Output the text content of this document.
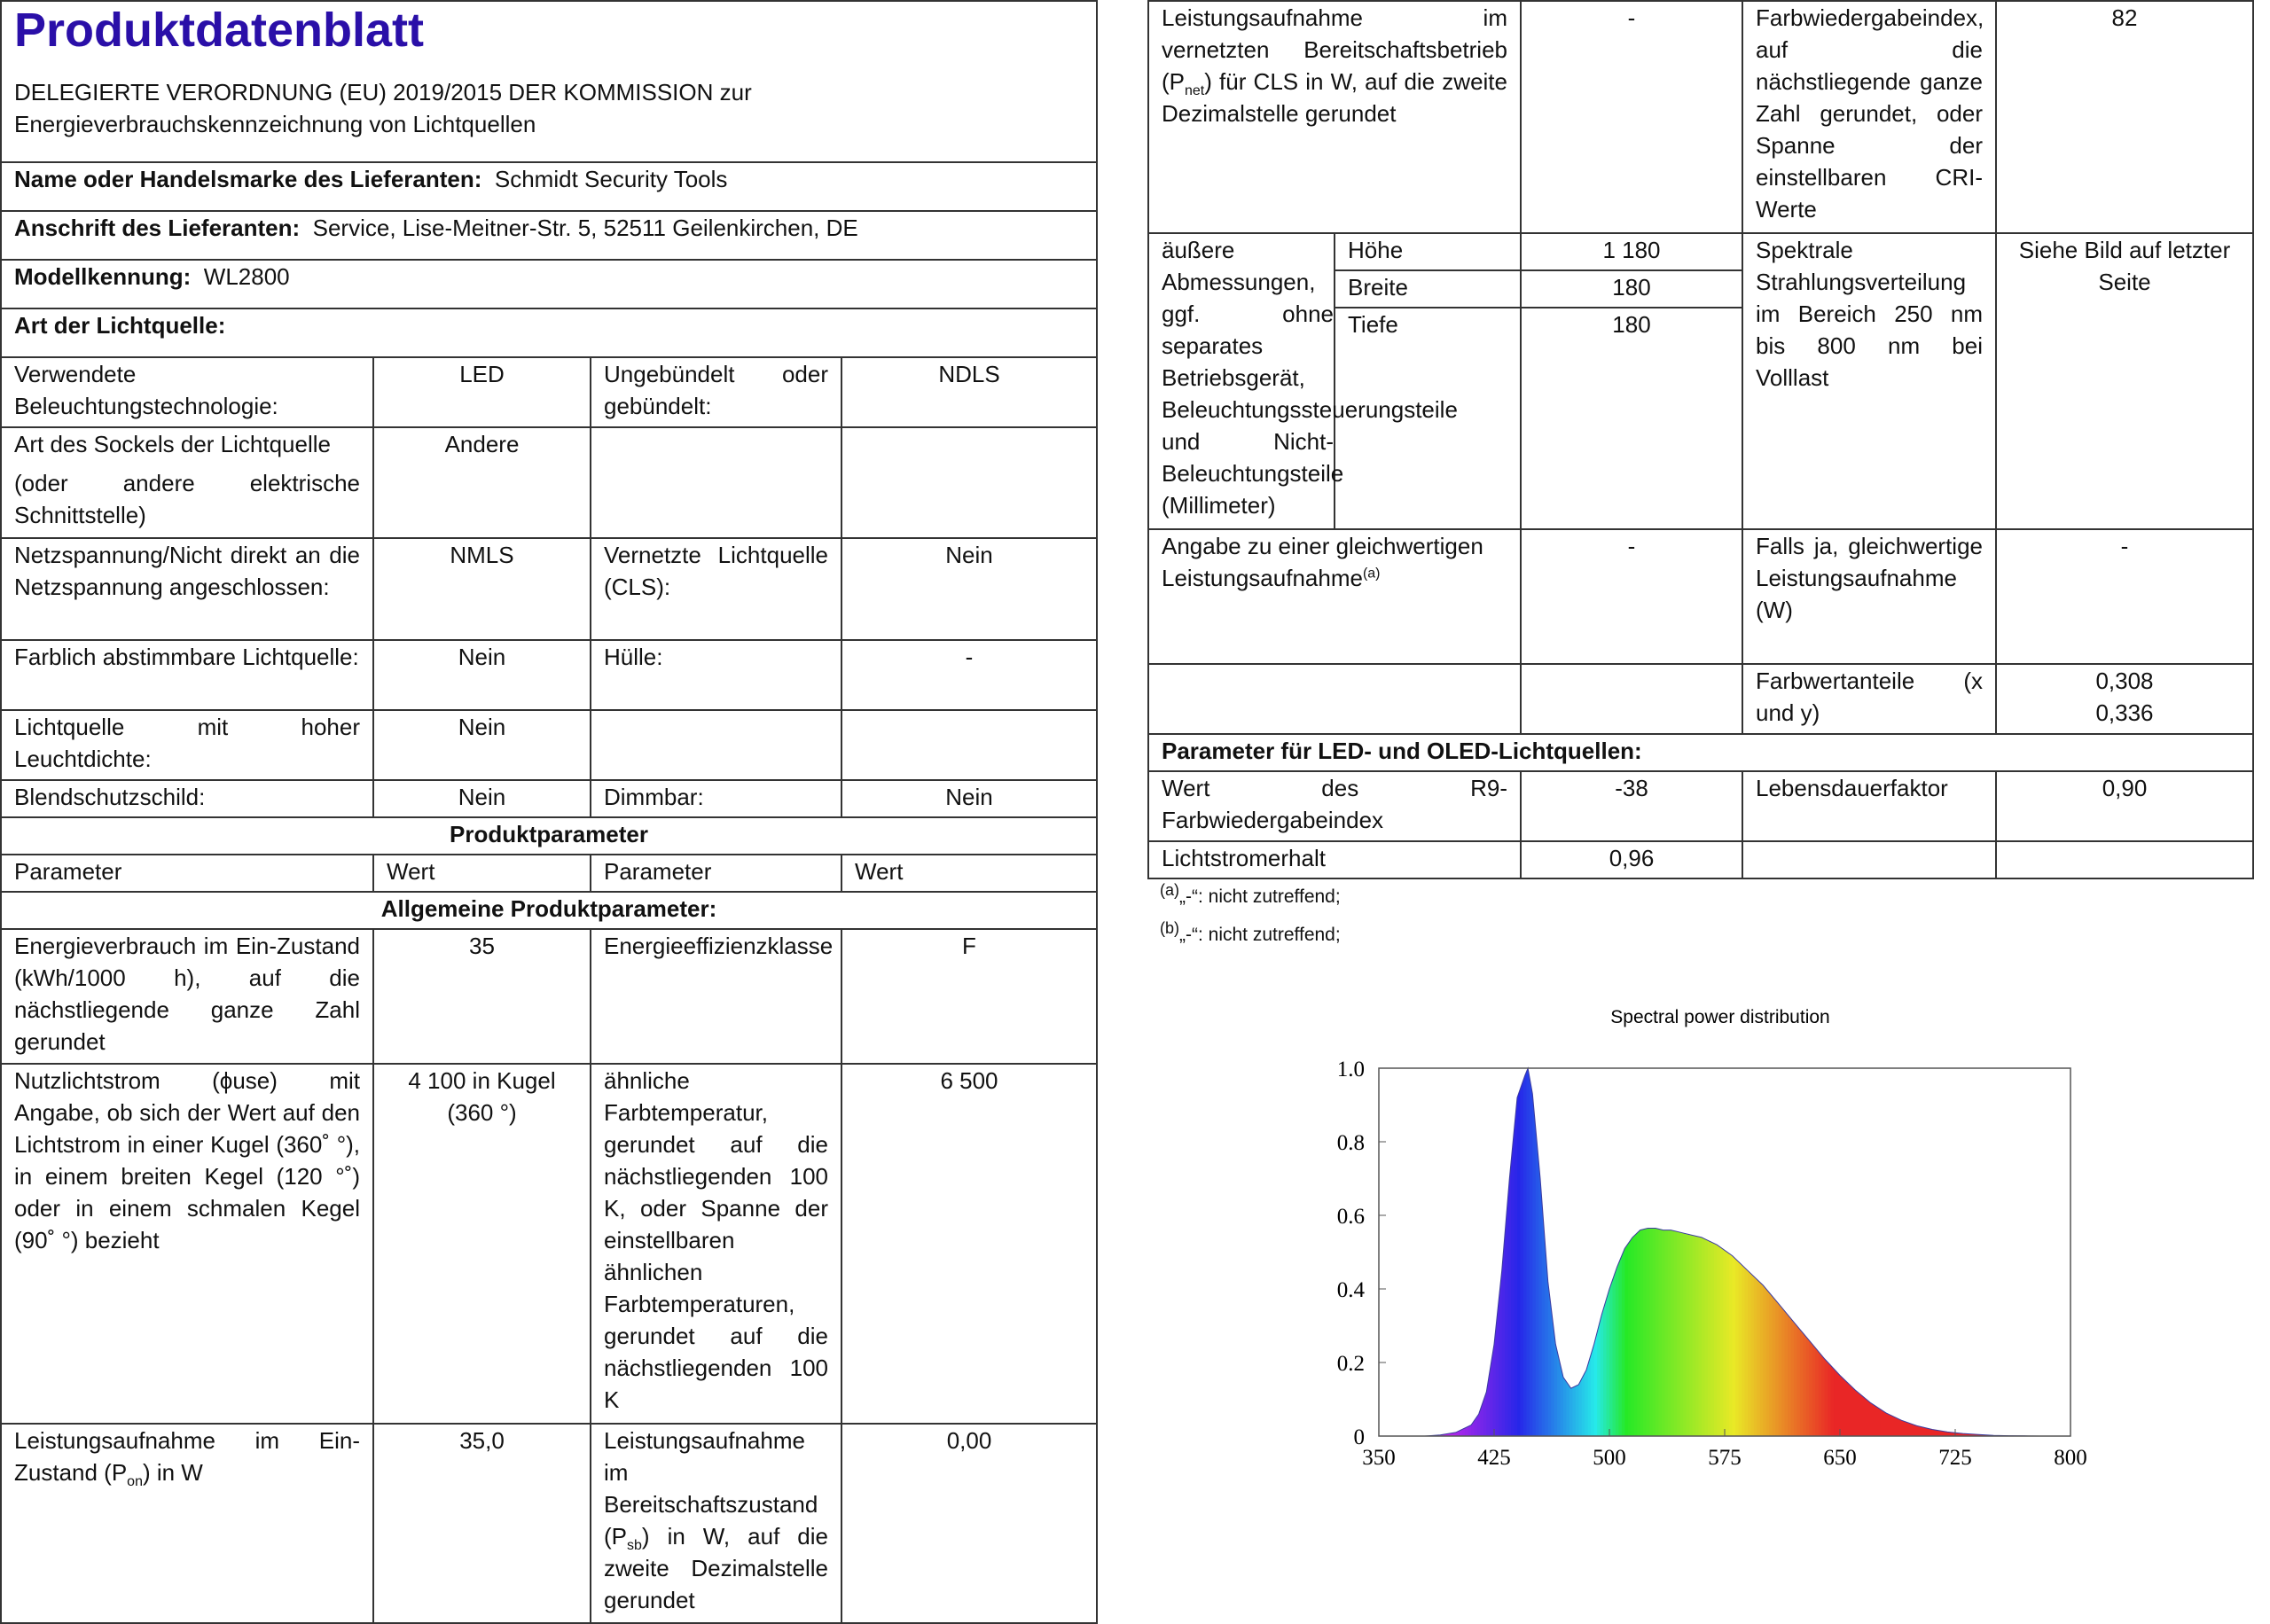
Produktdatenblatt
DELEGIERTE VERORDNUNG (EU) 2019/2015 DER KOMMISSION zur Energieverbrauchskennzeichnung von Lichtquellen			

Name oder Handelsmarke des Lieferanten: Schmidt Security Tools			
Anschrift des Lieferanten: Service, Lise-Meitner-Str. 5, 52511 Geilenkirchen, DE			
Modellkennung: WL2800			
Art der Lichtquelle:			
Verwendete Beleuchtungstechnologie:	LED	Ungebündelt oder gebündelt:	NDLS

Art des Sockels der Lichtquelle
(oder andere elektrische Schnittstelle)	Andere		
Netzspannung/Nicht direkt an die Netzspannung angeschlossen:	NMLS	Vernetzte Lichtquelle (CLS):	Nein
Farblich abstimmbare Lichtquelle:	Nein	Hülle:	-
Lichtquelle mit hoher Leuchtdichte:	Nein		
Blendschutzschild:	Nein	Dimmbar:	Nein
Produktparameter			
Parameter	Wert	Parameter	Wert
Allgemeine Produktparameter:			
Energieverbrauch im Ein-Zustand (kWh/1000 h), auf die nächstliegende ganze Zahl gerundet	35	Energieeffizienzklasse	F
Nutzlichtstrom (ϕuse) mit Angabe, ob sich der Wert auf den Lichtstrom in einer Kugel (360˚ °), in einem breiten Kegel (120 °˚) oder in einem schmalen Kegel (90˚ °) bezieht	4 100 in Kugel (360 °)	ähnliche Farbtemperatur, gerundet auf die nächstliegenden 100 K, oder Spanne der einstellbaren ähnlichen Farbtemperaturen, gerundet auf die nächstliegenden 100 K	6 500
Leistungsaufnahme im Ein-Zustand $(P_{on})$ in W	35,0	Leistungsaufnahme im Bereitschaftszustand $(P_{sb})$ in W, auf die zweite Dezimalstelle gerundet	0,00
Leistungsaufnahme im vernetzten Bereitschaftsbetrieb $(P_{net})$ für CLS in W, auf die zweite Dezimalstelle gerundet		-	Farbwiedergabeindex, auf die nächstliegende ganze Zahl gerundet, oder Spanne der einstellbaren CRI-Werte	82
äußere Abmessungen, ggf. ohne separates Betriebsgerät, Beleuchtungssteuerungsteile und Nicht-Beleuchtungsteile (Millimeter)	Höhe	1 180	Spektrale Strahlungsverteilung im Bereich 250 nm bis 800 nm bei Volllast	Siehe Bild auf letzter Seite
	Breite	180		
	Tiefe	180		
Angabe zu einer gleichwertigen Leistungsaufnahme$^{(a)}$		-	Falls ja, gleichwertige Leistungsaufnahme (W)	-
			Farbwertanteile (x und y)	0,308
0,336

Parameter für LED- und OLED-Lichtquellen:				
Wert des R9-Farbwiedergabeindex		-38	Lebensdauerfaktor	0,90
Lichtstromerhalt		0,96		
$^{(a)}$„-“: nicht zutreffend;
$^{(b)}$„-“: nicht zutreffend;
Spectral power distribution
350	425	500	575	650	725	800
0
0.2
0.4
0.6
0.8
1.0
